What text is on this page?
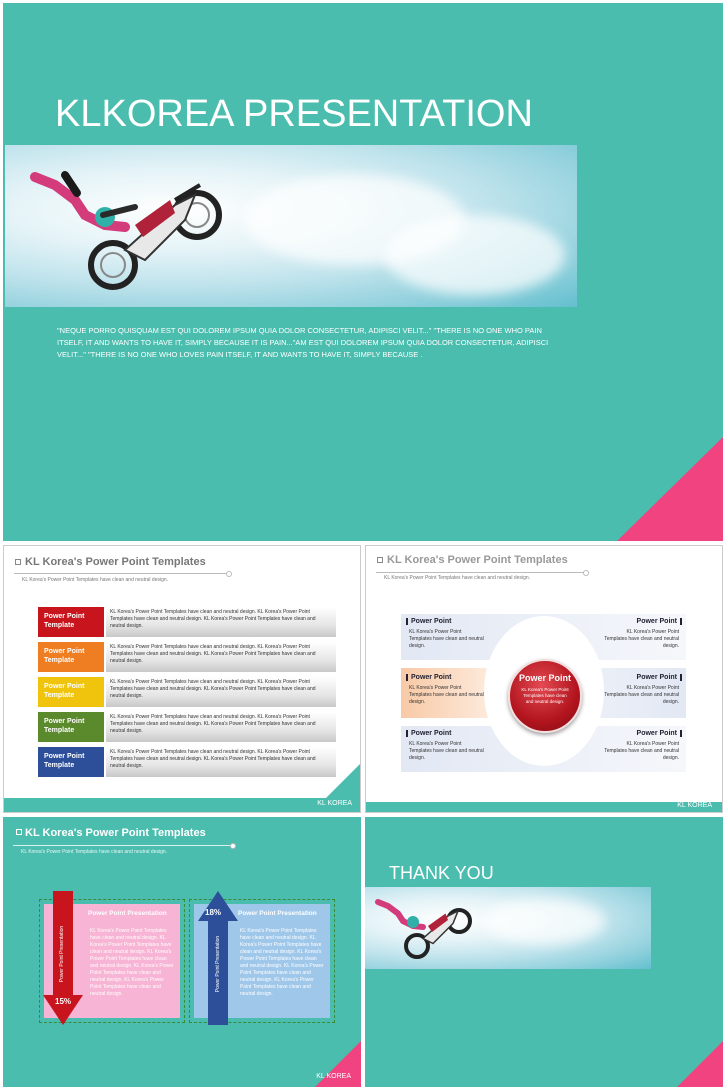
KLKOREA PRESENTATION
"NEQUE PORRO QUISQUAM EST QUI DOLOREM IPSUM QUIA DOLOR CONSECTETUR, ADIPISCI VELIT..." "THERE IS NO ONE WHO PAIN ITSELF, IT AND WANTS TO HAVE IT, SIMPLY BECAUSE IT IS PAIN..."AM EST QUI DOLOREM IPSUM QUIA DOLOR CONSECTETUR, ADIPISCI VELIT..." "THERE IS NO ONE WHO LOVES PAIN ITSELF, IT AND WANTS TO HAVE IT, SIMPLY BECAUSE .
KL Korea's Power Point Templates
KL Korea's Power Point Templates have clean and neutral design.
Power Point Template
KL Korea's Power Point Templates have clean and neutral design. KL Korea's Power Point Templates have clean and neutral design. KL Korea's Power Point Templates have clean and neutral design.
Power Point Template
KL Korea's Power Point Templates have clean and neutral design. KL Korea's Power Point Templates have clean and neutral design. KL Korea's Power Point Templates have clean and neutral design.
Power Point Template
KL Korea's Power Point Templates have clean and neutral design. KL Korea's Power Point Templates have clean and neutral design. KL Korea's Power Point Templates have clean and neutral design.
Power Point Template
KL Korea's Power Point Templates have clean and neutral design. KL Korea's Power Point Templates have clean and neutral design. KL Korea's Power Point Templates have clean and neutral design.
Power Point Template
KL Korea's Power Point Templates have clean and neutral design. KL Korea's Power Point Templates have clean and neutral design. KL Korea's Power Point Templates have clean and neutral design.
KL KOREA
KL Korea's Power Point Templates
KL Korea's Power Point Templates have clean and neutral design.
Power Point
KL Korea's Power Point Templates have clean and neutral design.
Power Point
KL Korea's Power Point Templates have clean and neutral design.
Power Point
KL Korea's Power Point Templates have clean and neutral design.
Power Point
KL Korea's Power Point Templates have clean and neutral design.
Power Point
KL Korea's Power Point Templates have clean and neutral design.
Power Point
KL Korea's Power Point Templates have clean and neutral design.
Power Point
KL Korea's Power Point Templates have clean and neutral design.
KL KOREA
KL Korea's Power Point Templates
KL Korea's Power Point Templates have clean and neutral design.
Power Point Presentation
KL Korea's Power Point Templates have clean and neutral design. KL Korea's Power Point Templates have clean and neutral design. KL Korea's Power Point Templates have clean and neutral design. KL Korea's Power Point Templates have clean and neutral design. KL Korea's Power Point Templates have clean and neutral design.
Power Point Presentation
15%
Power Point Presentation
KL Korea's Power Point Templates have clean and neutral design. KL Korea's Power Point Templates have clean and neutral design. KL Korea's Power Point Templates have clean and neutral design. KL Korea's Power Point Templates have clean and neutral design. KL Korea's Power Point Templates have clean and neutral design.
18%
Power Point Presentation
KL KOREA
THANK YOU
